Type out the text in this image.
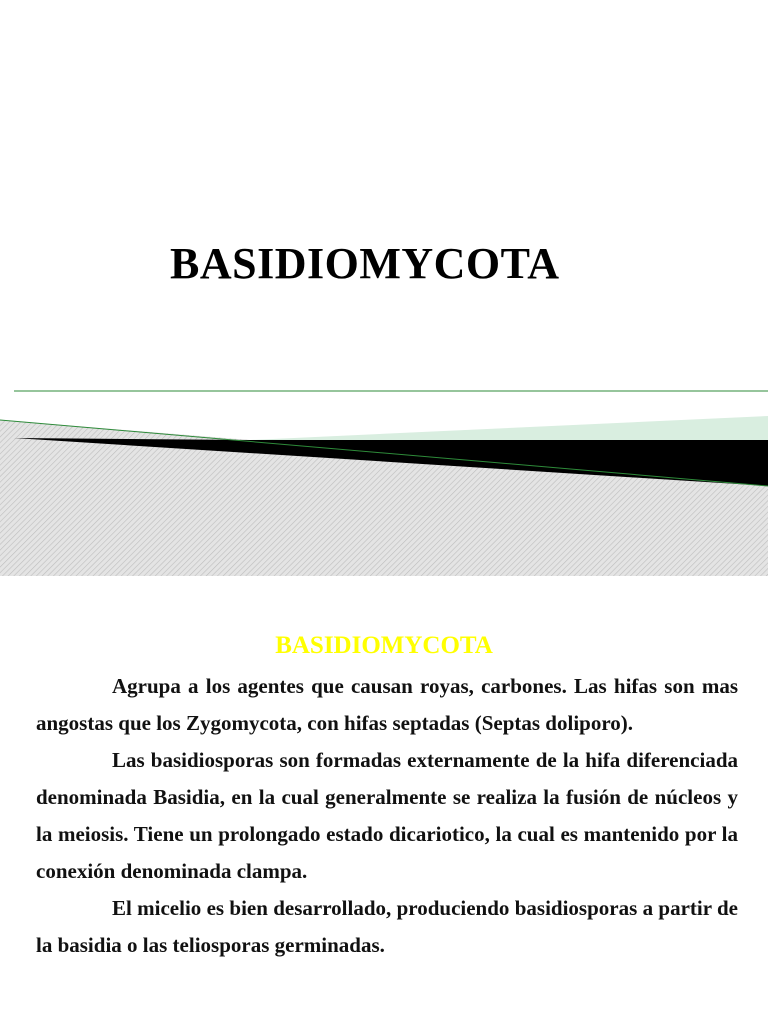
BASIDIOMYCOTA
BASIDIOMYCOTA

Agrupa a los agentes que causan royas, carbones. Las hifas son mas angostas que los Zygomycota, con hifas septadas (Septas doliporo).

Las basidiosporas son formadas externamente de la hifa diferenciada denominada Basidia, en la cual generalmente se realiza la fusión de núcleos y la meiosis. Tiene un prolongado estado dicariotico, la cual es mantenido por la conexión denominada clampa.

El micelio es bien desarrollado, produciendo basidiosporas a partir de la basidia o las teliosporas germinadas.
